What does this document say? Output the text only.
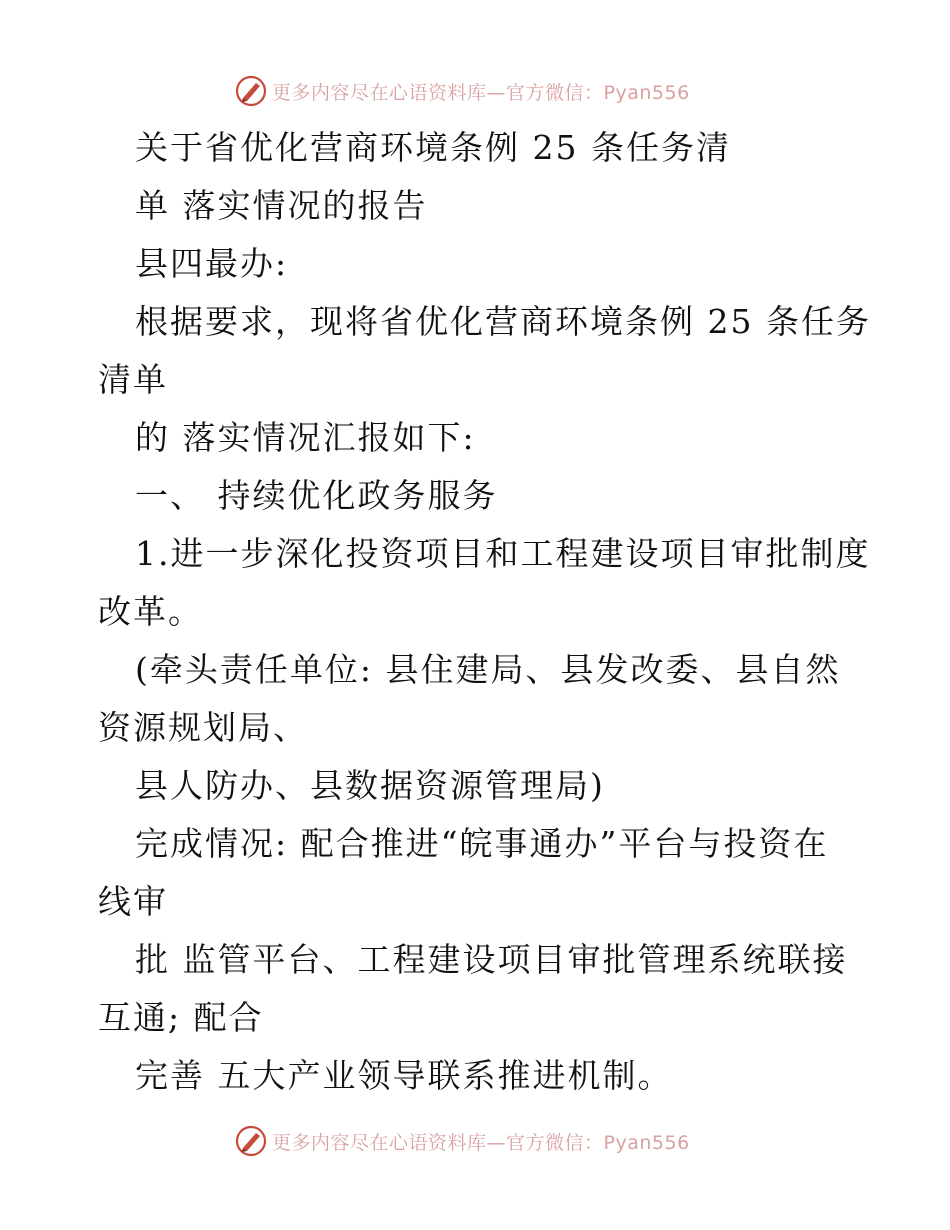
更多内容尽在心语资料库—官方微信：Pyan556
关于省优化营商环境条例 25 条任务清
单 落实情况的报告
县四最办:
根据要求，现将省优化营商环境条例 25 条任务
清单
的 落实情况汇报如下:
一、 持续优化政务服务
1.进一步深化投资项目和工程建设项目审批制度
改革。
(牵头责任单位: 县住建局、县发改委、县自然
资源规划局、
县人防办、县数据资源管理局)
完成情况: 配合推进“皖事通办”平台与投资在
线审
批 监管平台、工程建设项目审批管理系统联接
互通; 配合
完善 五大产业领导联系推进机制。
更多内容尽在心语资料库—官方微信：Pyan556
